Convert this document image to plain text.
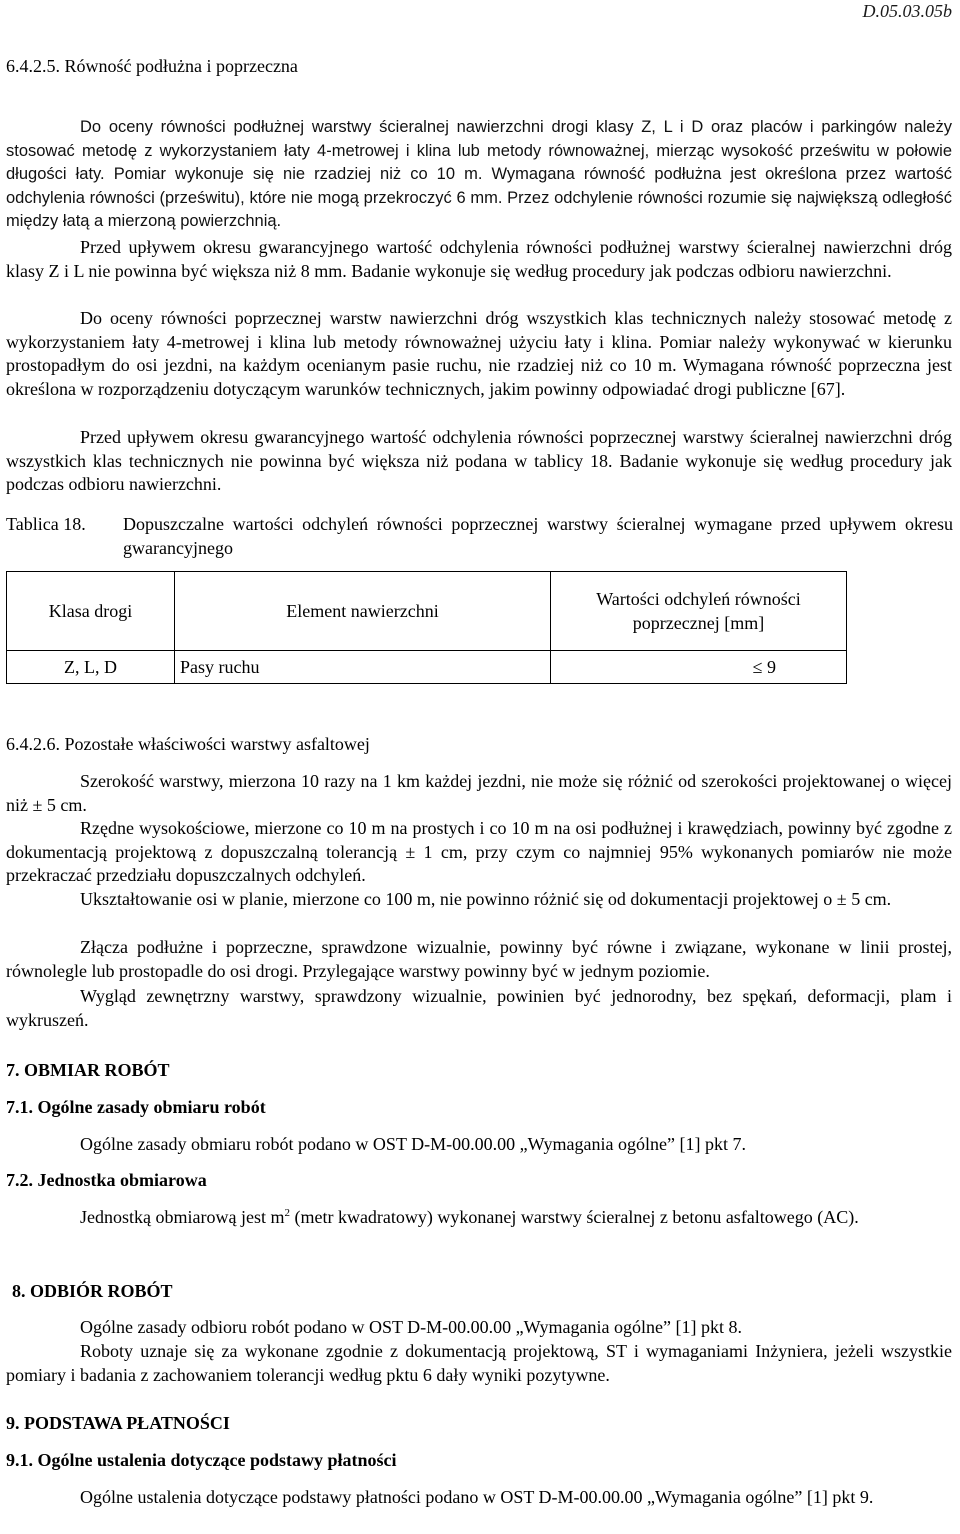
D.05.03.05b
6.4.2.5. Równość podłużna i poprzeczna
Do oceny równości podłużnej warstwy ścieralnej nawierzchni drogi klasy Z, L i D oraz placów i parkingów należy stosować metodę z wykorzystaniem łaty 4-metrowej i klina lub metody równoważnej, mierząc wysokość prześwitu w połowie długości łaty. Pomiar wykonuje się nie rzadziej niż co 10 m. Wymagana równość podłużna jest określona przez wartość odchylenia równości (prześwitu), które nie mogą przekroczyć 6 mm. Przez odchylenie równości rozumie się największą odległość między łatą a mierzoną powierzchnią.
Przed upływem okresu gwarancyjnego wartość odchylenia równości podłużnej warstwy ścieralnej nawierzchni dróg klasy Z i L nie powinna być większa niż 8 mm. Badanie wykonuje się według procedury jak podczas odbioru nawierzchni.
Do oceny równości poprzecznej warstw nawierzchni dróg wszystkich klas technicznych należy stosować metodę z wykorzystaniem łaty 4-metrowej i klina lub metody równoważnej użyciu łaty i klina. Pomiar należy wykonywać w kierunku prostopadłym do osi jezdni, na każdym ocenianym pasie ruchu, nie rzadziej niż co 10 m. Wymagana równość poprzeczna jest określona w rozporządzeniu dotyczącym warunków technicznych, jakim powinny odpowiadać drogi publiczne [67].
Przed upływem okresu gwarancyjnego wartość odchylenia równości poprzecznej warstwy ścieralnej nawierzchni dróg wszystkich klas technicznych nie powinna być większa niż podana w tablicy 18. Badanie wykonuje się według procedury jak podczas odbioru nawierzchni.
Tablica 18. Dopuszczalne wartości odchyleń równości poprzecznej warstwy ścieralnej wymagane przed upływem okresu gwarancyjnego
Klasa drogi	Element nawierzchni	Wartości odchyleń równości poprzecznej [mm]
Z, L, D	Pasy ruchu	≤ 9
6.4.2.6. Pozostałe właściwości warstwy asfaltowej
Szerokość warstwy, mierzona 10 razy na 1 km każdej jezdni, nie może się różnić od szerokości projektowanej o więcej niż ± 5 cm.
Rzędne wysokościowe, mierzone co 10 m na prostych i co 10 m na osi podłużnej i krawędziach, powinny być zgodne z dokumentacją projektową z dopuszczalną tolerancją ± 1 cm, przy czym co najmniej 95% wykonanych pomiarów nie może przekraczać przedziału dopuszczalnych odchyleń.
Ukształtowanie osi w planie, mierzone co 100 m, nie powinno różnić się od dokumentacji projektowej o ± 5 cm.
Złącza podłużne i poprzeczne, sprawdzone wizualnie, powinny być równe i związane, wykonane w linii prostej, równolegle lub prostopadle do osi drogi. Przylegające warstwy powinny być w jednym poziomie.
Wygląd zewnętrzny warstwy, sprawdzony wizualnie, powinien być jednorodny, bez spękań, deformacji, plam i wykruszeń.
7. OBMIAR ROBÓT
7.1. Ogólne zasady obmiaru robót
Ogólne zasady obmiaru robót podano w OST D-M-00.00.00 „Wymagania ogólne” [1] pkt 7.
7.2. Jednostka obmiarowa
Jednostką obmiarową jest $m^2$ (metr kwadratowy) wykonanej warstwy ścieralnej z betonu asfaltowego (AC).
8. ODBIÓR ROBÓT
Ogólne zasady odbioru robót podano w OST D-M-00.00.00 „Wymagania ogólne” [1] pkt 8.
Roboty uznaje się za wykonane zgodnie z dokumentacją projektową, ST i wymaganiami Inżyniera, jeżeli wszystkie pomiary i badania z zachowaniem tolerancji według pktu 6 dały wyniki pozytywne.
9. PODSTAWA PŁATNOŚCI
9.1. Ogólne ustalenia dotyczące podstawy płatności
Ogólne ustalenia dotyczące podstawy płatności podano w OST D-M-00.00.00 „Wymagania ogólne” [1] pkt 9.
